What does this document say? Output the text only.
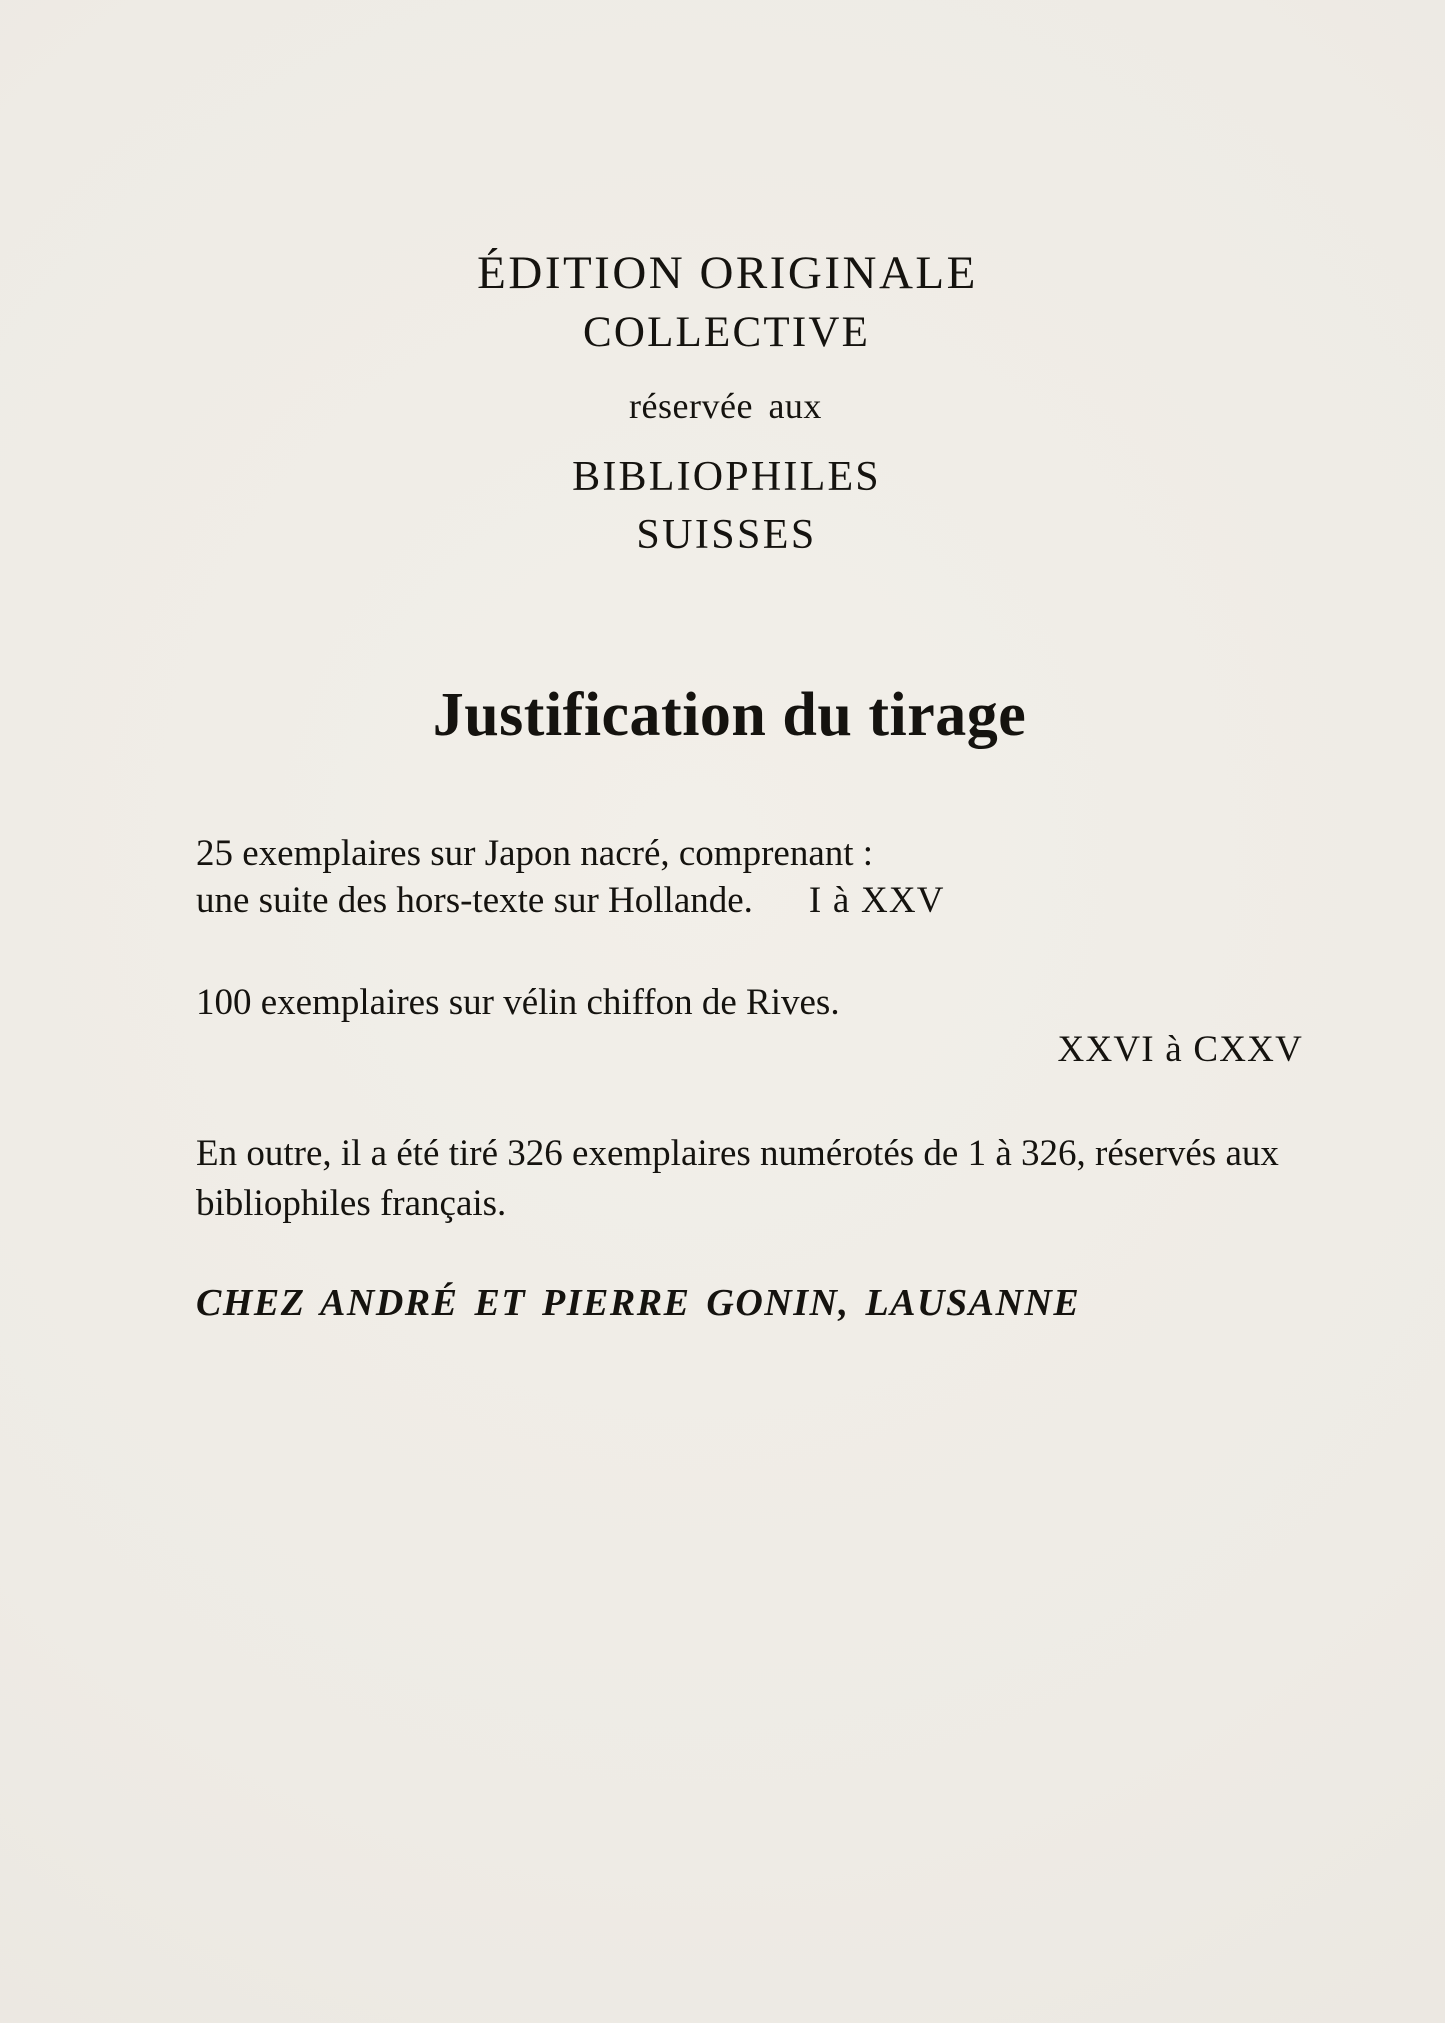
ÉDITION ORIGINALE
COLLECTIVE
réservée aux
BIBLIOPHILES
SUISSES
Justification du tirage

25 exemplaires sur Japon nacré, comprenant :
une suite des hors-texte sur Hollande. I à XXV

100 exemplaires sur vélin chiffon de Rives.
XXVI à CXXV

En outre, il a été tiré 326 exemplaires numérotés de 1 à 326, réservés aux bibliophiles français.

CHEZ ANDRÉ ET PIERRE GONIN, LAUSANNE
